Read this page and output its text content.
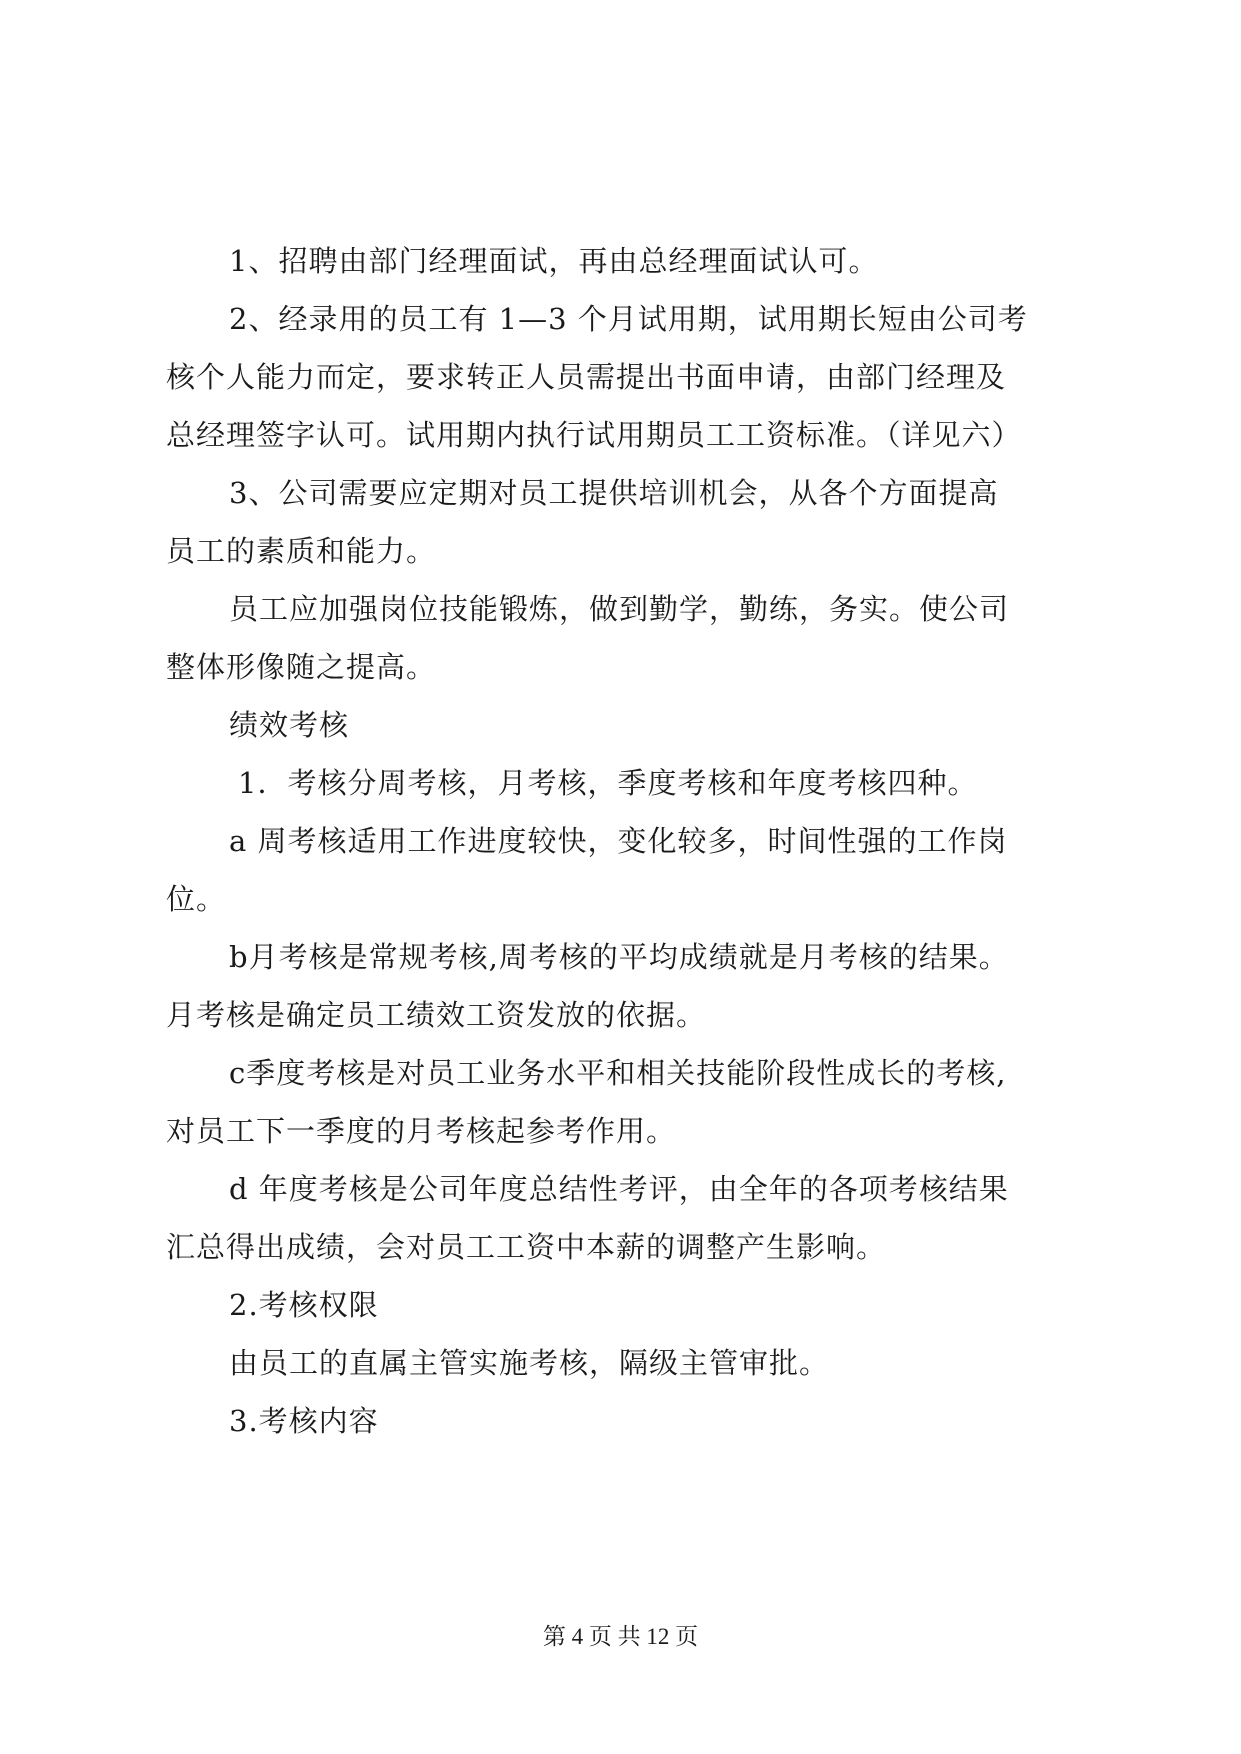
1、招聘由部门经理面试，再由总经理面试认可。
2、经录用的员工有 1—3 个月试用期，试用期长短由公司考
核个人能力而定，要求转正人员需提出书面申请，由部门经理及
总经理签字认可。试用期内执行试用期员工工资标准。（详见六）
3、公司需要应定期对员工提供培训机会，从各个方面提高
员工的素质和能力。
员工应加强岗位技能锻炼，做到勤学，勤练，务实。使公司
整体形像随之提高。
绩效考核
1．考核分周考核，月考核，季度考核和年度考核四种。
a 周考核适用工作进度较快，变化较多，时间性强的工作岗
位。
b月考核是常规考核,周考核的平均成绩就是月考核的结果。
月考核是确定员工绩效工资发放的依据。
c季度考核是对员工业务水平和相关技能阶段性成长的考核,
对员工下一季度的月考核起参考作用。
d 年度考核是公司年度总结性考评，由全年的各项考核结果
汇总得出成绩，会对员工工资中本薪的调整产生影响。
2.考核权限
由员工的直属主管实施考核，隔级主管审批。
3.考核内容
第 4 页 共 12 页
